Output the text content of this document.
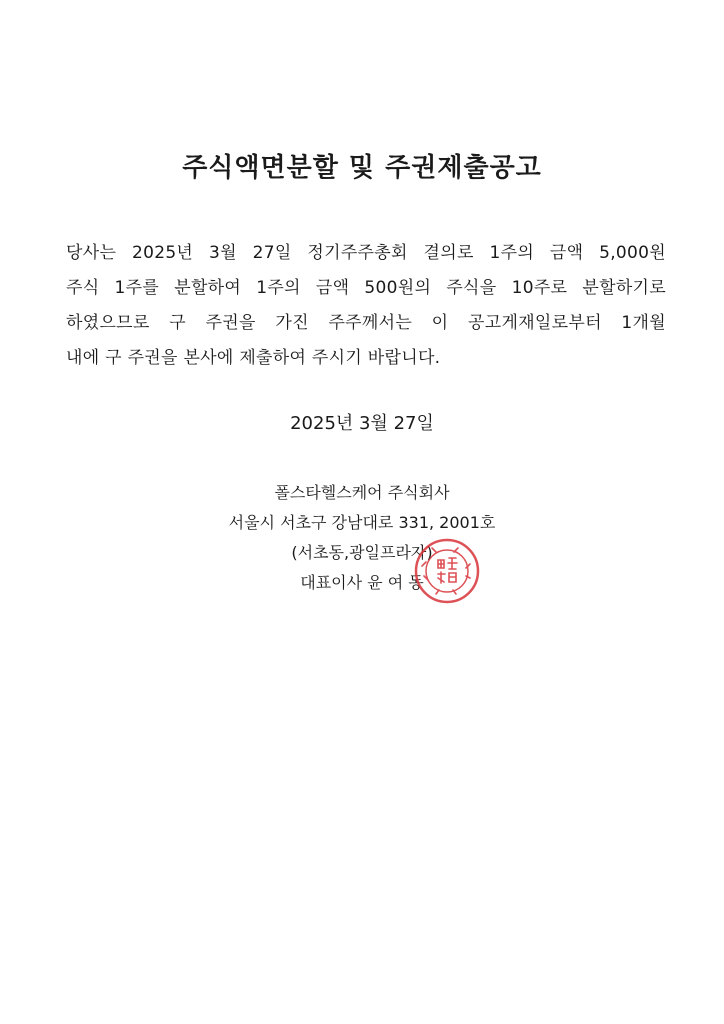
주식액면분할 및 주권제출공고
당사는 2025년 3월 27일 정기주주총회 결의로 1주의 금액 5,000원
주식 1주를 분할하여 1주의 금액 500원의 주식을 10주로 분할하기로
하였으므로 구 주권을 가진 주주께서는 이 공고게재일로부터 1개월
내에 구 주권을 본사에 제출하여 주시기 바랍니다.
2025년 3월 27일
폴스타헬스케어 주식회사
서울시 서초구 강남대로 331, 2001호
(서초동,광일프라자)
대표이사 윤 여 동
